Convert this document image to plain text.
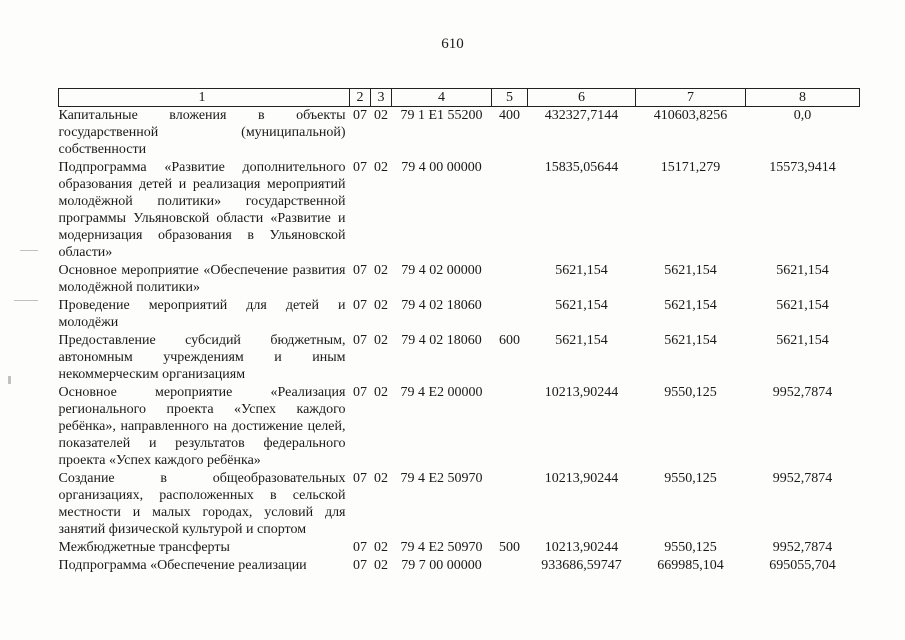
610
1	2	3	4	5	6	7	8
Капитальные вложения в объекты государственной (муниципальной) собственности	07	02	79 1 E1 55200	400	432327,7144	410603,8256	0,0
Подпрограмма «Развитие дополнительного образования детей и реализация мероприятий молодёжной политики» государственной программы Ульяновской области «Развитие и модернизация образования в Ульяновской области»	07	02	79 4 00 00000		15835,05644	15171,279	15573,9414
Основное мероприятие «Обеспечение развития молодёжной политики»	07	02	79 4 02 00000		5621,154	5621,154	5621,154
Проведение мероприятий для детей и молодёжи	07	02	79 4 02 18060		5621,154	5621,154	5621,154
Предоставление субсидий бюджетным, автономным учреждениям и иным некоммерческим организациям	07	02	79 4 02 18060	600	5621,154	5621,154	5621,154
Основное мероприятие «Реализация регионального проекта «Успех каждого ребёнка», направленного на достижение целей, показателей и результатов федерального проекта «Успех каждого ребёнка»	07	02	79 4 E2 00000		10213,90244	9550,125	9952,7874
Создание в общеобразовательных организациях, расположенных в сельской местности и малых городах, условий для занятий физической культурой и спортом	07	02	79 4 E2 50970		10213,90244	9550,125	9952,7874
Межбюджетные трансферты	07	02	79 4 E2 50970	500	10213,90244	9550,125	9952,7874
Подпрограмма «Обеспечение реализации	07	02	79 7 00 00000		933686,59747	669985,104	695055,704
